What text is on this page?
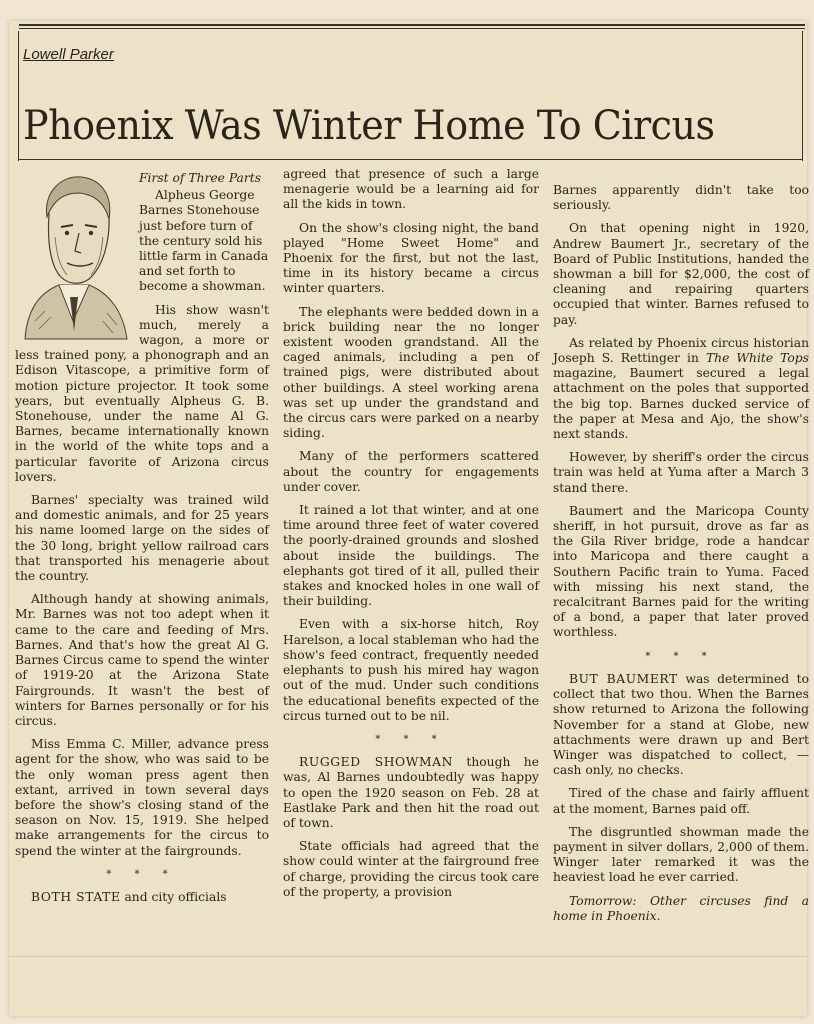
Lowell Parker
Phoenix Was Winter Home To Circus

First of Three Parts

Alpheus George Barnes Stonehouse just before turn of the century sold his little farm in Canada and set forth to become a showman.

His show wasn't much, merely a wagon, a more or less trained pony, a phonograph and an Edison Vitascope, a primitive form of motion picture projector. It took some years, but eventually Alpheus G. B. Stonehouse, under the name Al G. Barnes, became internationally known in the world of the white tops and a particular favorite of Arizona circus lovers.

Barnes' specialty was trained wild and domestic animals, and for 25 years his name loomed large on the sides of the 30 long, bright yellow railroad cars that transported his menagerie about the country.

Although handy at showing animals, Mr. Barnes was not too adept when it came to the care and feeding of Mrs. Barnes. And that's how the great Al G. Barnes Circus came to spend the winter of 1919-20 at the Arizona State Fairgrounds. It wasn't the best of winters for Barnes personally or for his circus.

Miss Emma C. Miller, advance press agent for the show, who was said to be the only woman press agent then extant, arrived in town several days before the show's closing stand of the season on Nov. 15, 1919. She helped make arrangements for the circus to spend the winter at the fairgrounds.

* * *

BOTH STATE and city officials

agreed that presence of such a large menagerie would be a learning aid for all the kids in town.

On the show's closing night, the band played "Home Sweet Home" and Phoenix for the first, but not the last, time in its history became a circus winter quarters.

The elephants were bedded down in a brick building near the no longer existent wooden grandstand. All the caged animals, including a pen of trained pigs, were distributed about other buildings. A steel working arena was set up under the grandstand and the circus cars were parked on a nearby siding.

Many of the performers scattered about the country for engagements under cover.

It rained a lot that winter, and at one time around three feet of water covered the poorly-drained grounds and sloshed about inside the buildings. The elephants got tired of it all, pulled their stakes and knocked holes in one wall of their building.

Even with a six-horse hitch, Roy Harelson, a local stableman who had the show's feed contract, frequently needed elephants to push his mired hay wagon out of the mud. Under such conditions the educational benefits expected of the circus turned out to be nil.

* * *

RUGGED SHOWMAN though he was, Al Barnes undoubtedly was happy to open the 1920 season on Feb. 28 at Eastlake Park and then hit the road out of town.

State officials had agreed that the show could winter at the fairground free of charge, providing the circus took care of the property, a provision

Barnes apparently didn't take too seriously.

On that opening night in 1920, Andrew Baumert Jr., secretary of the Board of Public Institutions, handed the showman a bill for $2,000, the cost of cleaning and repairing quarters occupied that winter. Barnes refused to pay.

As related by Phoenix circus historian Joseph S. Rettinger in The White Tops magazine, Baumert secured a legal attachment on the poles that supported the big top. Barnes ducked service of the paper at Mesa and Ajo, the show's next stands.

However, by sheriff's order the circus train was held at Yuma after a March 3 stand there.

Baumert and the Maricopa County sheriff, in hot pursuit, drove as far as the Gila River bridge, rode a handcar into Maricopa and there caught a Southern Pacific train to Yuma. Faced with missing his next stand, the recalcitrant Barnes paid for the writing of a bond, a paper that later proved worthless.

* * *

BUT BAUMERT was determined to collect that two thou. When the Barnes show returned to Arizona the following November for a stand at Globe, new attachments were drawn up and Bert Winger was dispatched to collect, — cash only, no checks.

Tired of the chase and fairly affluent at the moment, Barnes paid off.

The disgruntled showman made the payment in silver dollars, 2,000 of them. Winger later remarked it was the heaviest load he ever carried.

Tomorrow: Other circuses find a home in Phoenix.
